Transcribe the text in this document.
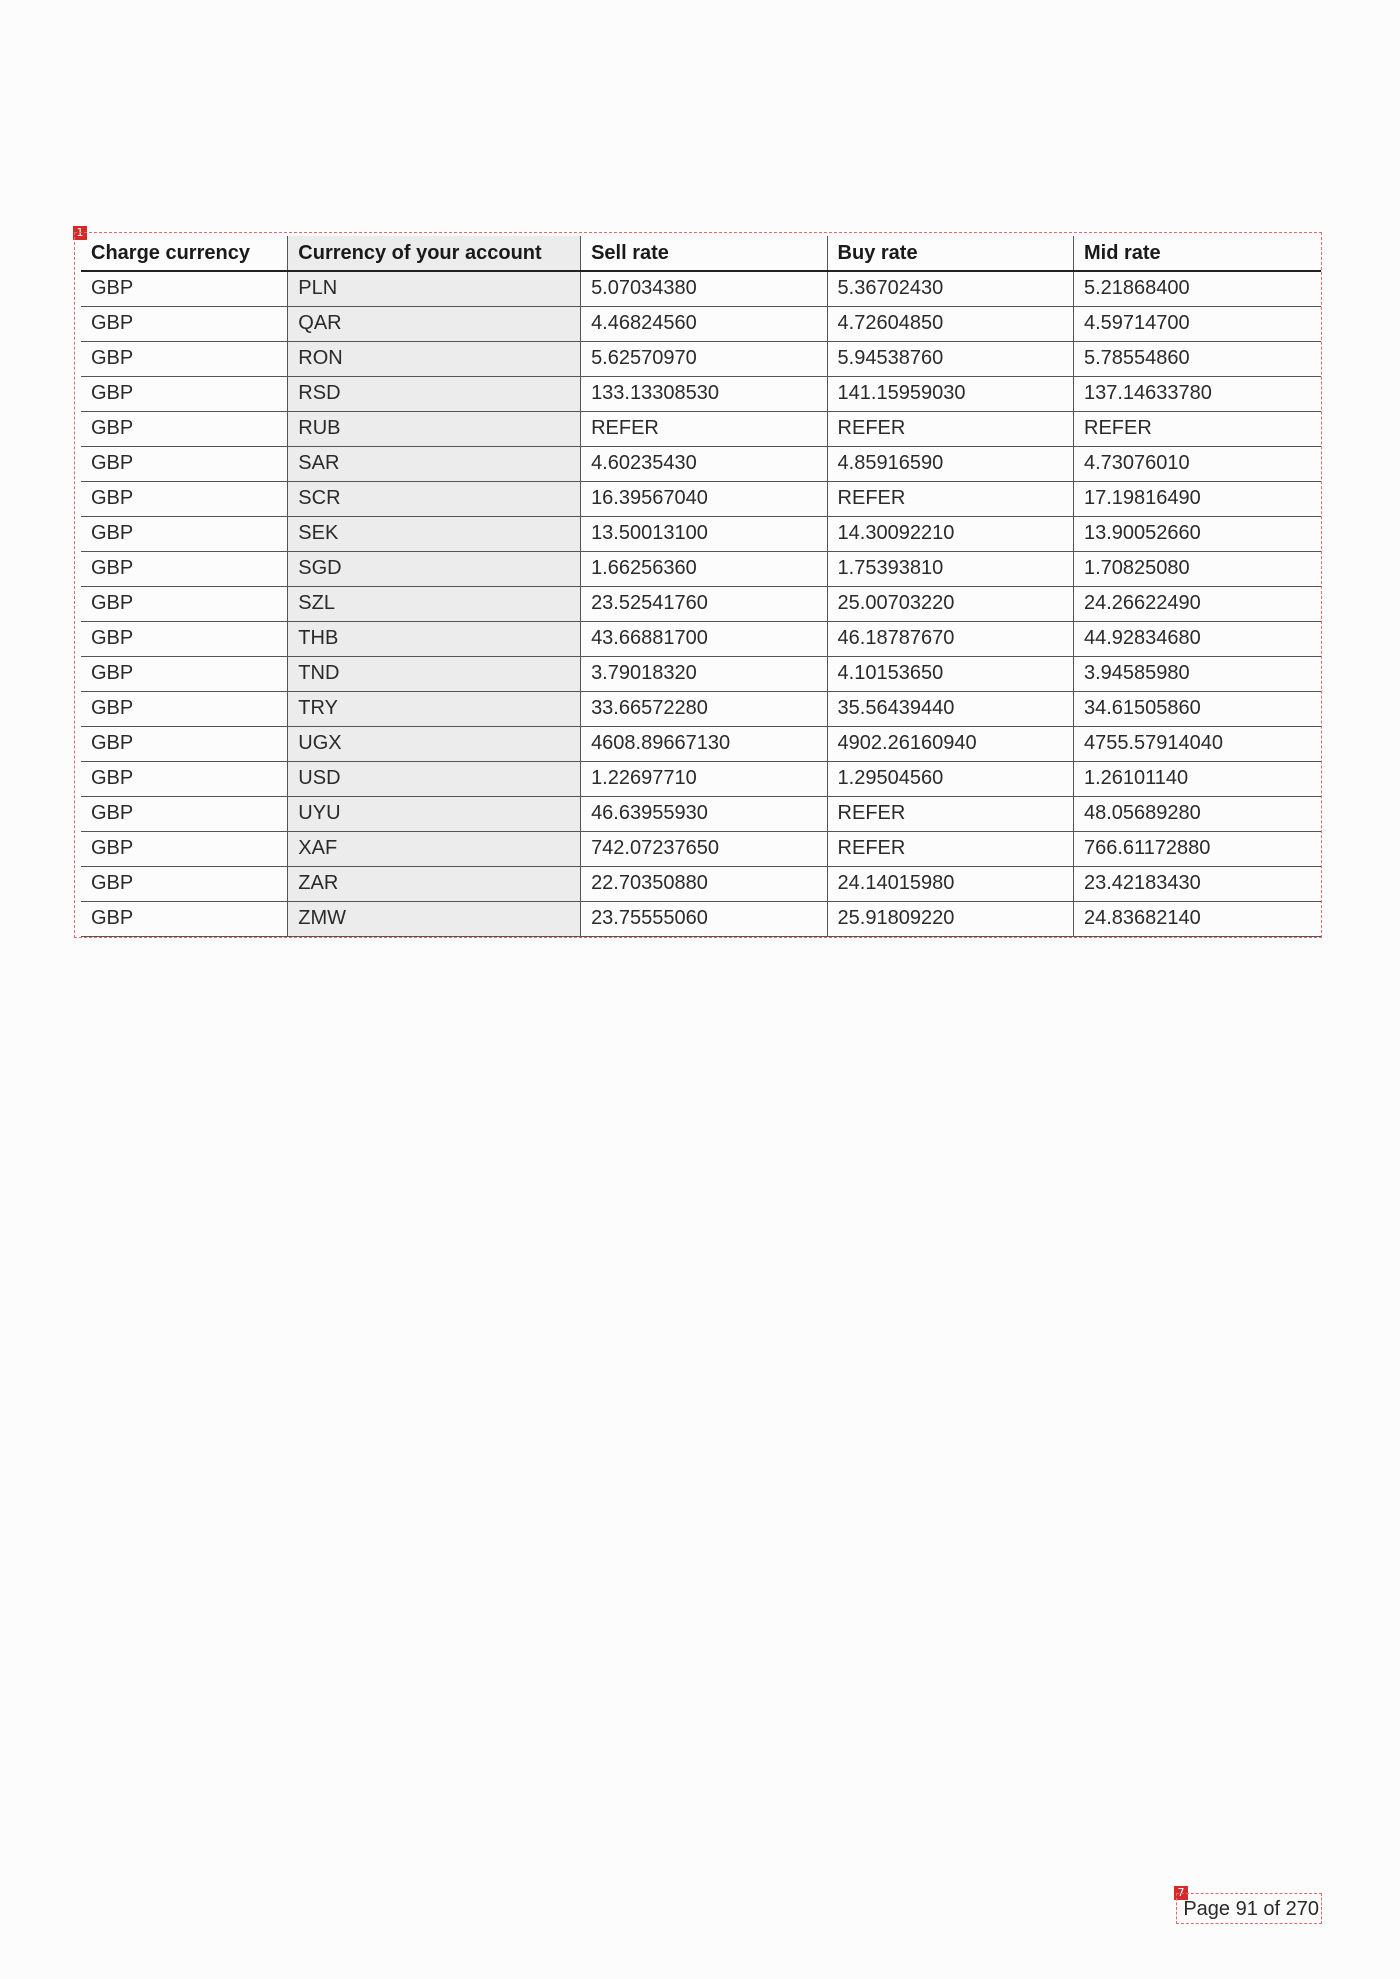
1
Charge currency	Currency of your account	Sell rate	Buy rate	Mid rate
GBP	PLN	5.07034380	5.36702430	5.21868400
GBP	QAR	4.46824560	4.72604850	4.59714700
GBP	RON	5.62570970	5.94538760	5.78554860
GBP	RSD	133.13308530	141.15959030	137.14633780
GBP	RUB	REFER	REFER	REFER
GBP	SAR	4.60235430	4.85916590	4.73076010
GBP	SCR	16.39567040	REFER	17.19816490
GBP	SEK	13.50013100	14.30092210	13.90052660
GBP	SGD	1.66256360	1.75393810	1.70825080
GBP	SZL	23.52541760	25.00703220	24.26622490
GBP	THB	43.66881700	46.18787670	44.92834680
GBP	TND	3.79018320	4.10153650	3.94585980
GBP	TRY	33.66572280	35.56439440	34.61505860
GBP	UGX	4608.89667130	4902.26160940	4755.57914040
GBP	USD	1.22697710	1.29504560	1.26101140
GBP	UYU	46.63955930	REFER	48.05689280
GBP	XAF	742.07237650	REFER	766.61172880
GBP	ZAR	22.70350880	24.14015980	23.42183430
GBP	ZMW	23.75555060	25.91809220	24.83682140
7
Page 91 of 270
